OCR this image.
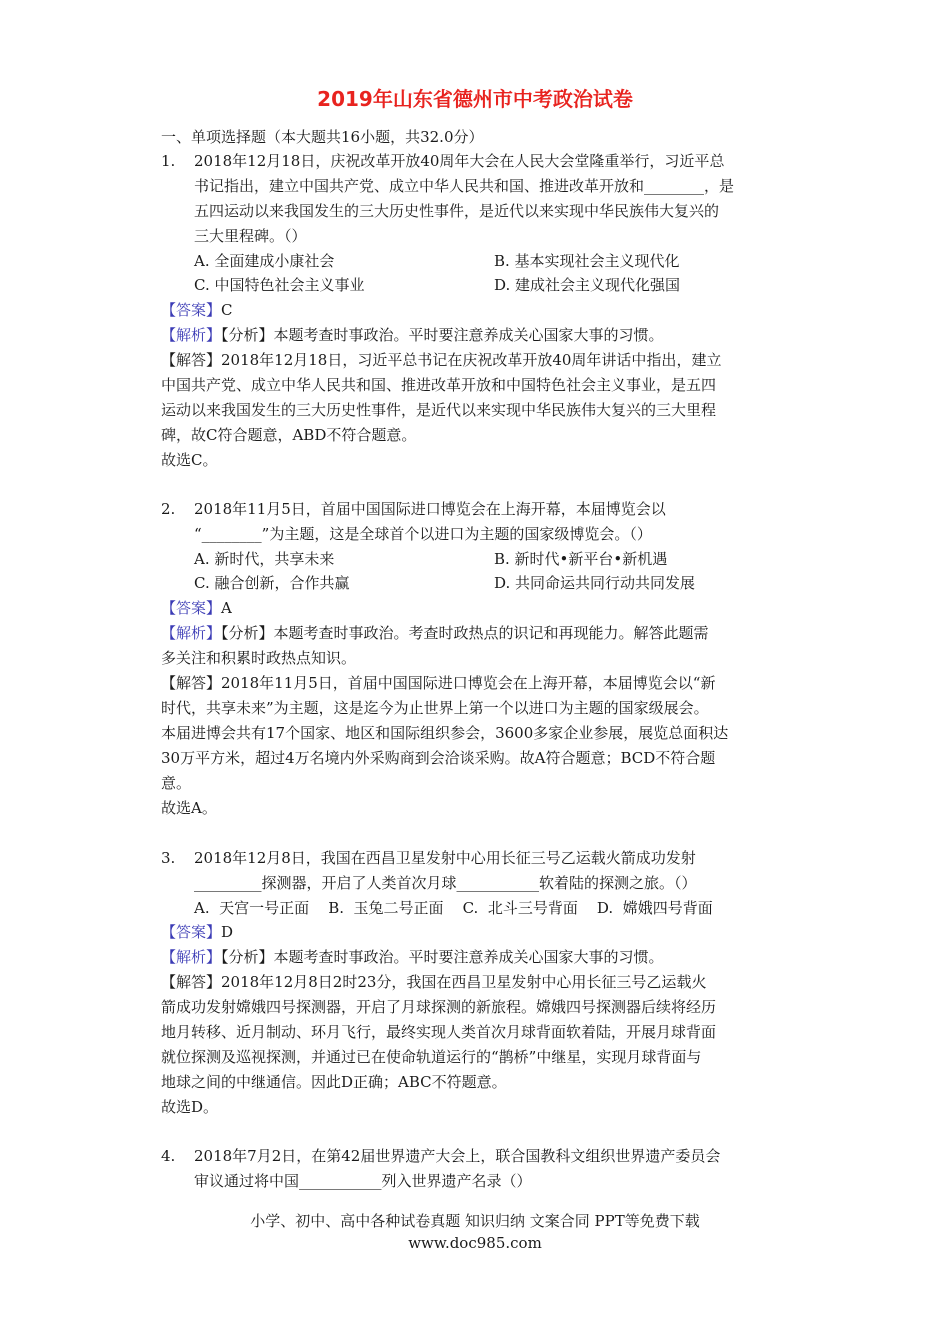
2019年山东省德州市中考政治试卷
一、单项选择题（本大题共16小题，共32.0分）
1. 2018年12月18日，庆祝改革开放40周年大会在人民大会堂隆重举行，习近平总
书记指出，建立中国共产党、成立中华人民共和国、推进改革开放和________，是
五四运动以来我国发生的三大历史性事件，是近代以来实现中华民族伟大复兴的
三大里程碑。（）
A. 全面建成小康社会	B. 基本实现社会主义现代化
C. 中国特色社会主义事业	D. 建成社会主义现代化强国
【答案】C
【解析】【分析】本题考查时事政治。平时要注意养成关心国家大事的习惯。
【解答】2018年12月18日，习近平总书记在庆祝改革开放40周年讲话中指出，建立
中国共产党、成立中华人民共和国、推进改革开放和中国特色社会主义事业，是五四
运动以来我国发生的三大历史性事件，是近代以来实现中华民族伟大复兴的三大里程
碑，故C符合题意，ABD不符合题意。
故选C。
2. 2018年11月5日，首届中国国际进口博览会在上海开幕，本届博览会以
“________”为主题，这是全球首个以进口为主题的国家级博览会。（）
A. 新时代，共享未来	B. 新时代•新平台•新机遇
C. 融合创新，合作共赢	D. 共同命运共同行动共同发展
【答案】A
【解析】【分析】本题考查时事政治。考查时政热点的识记和再现能力。解答此题需
多关注和积累时政热点知识。
【解答】2018年11月5日，首届中国国际进口博览会在上海开幕，本届博览会以“新
时代，共享未来”为主题，这是迄今为止世界上第一个以进口为主题的国家级展会。
本届进博会共有17个国家、地区和国际组织参会，3600多家企业参展，展览总面积达
30万平方米，超过4万名境内外采购商到会洽谈采购。故A符合题意；BCD不符合题
意。
故选A。
3. 2018年12月8日，我国在西昌卫星发射中心用长征三号乙运载火箭成功发射
_________探测器，开启了人类首次月球___________软着陆的探测之旅。（）
A.  天宫一号正面    B.  玉兔二号正面    C.  北斗三号背面    D.  嫦娥四号背面
【答案】D
【解析】【分析】本题考查时事政治。平时要注意养成关心国家大事的习惯。
【解答】2018年12月8日2时23分，我国在西昌卫星发射中心用长征三号乙运载火
箭成功发射嫦娥四号探测器，开启了月球探测的新旅程。嫦娥四号探测器后续将经历
地月转移、近月制动、环月飞行，最终实现人类首次月球背面软着陆，开展月球背面
就位探测及巡视探测，并通过已在使命轨道运行的“鹊桥”中继星，实现月球背面与
地球之间的中继通信。因此D正确；ABC不符题意。
故选D。
4. 2018年7月2日，在第42届世界遗产大会上，联合国教科文组织世界遗产委员会
审议通过将中国___________列入世界遗产名录（）
小学、初中、高中各种试卷真题 知识归纳 文案合同 PPT等免费下载
www.doc985.com
